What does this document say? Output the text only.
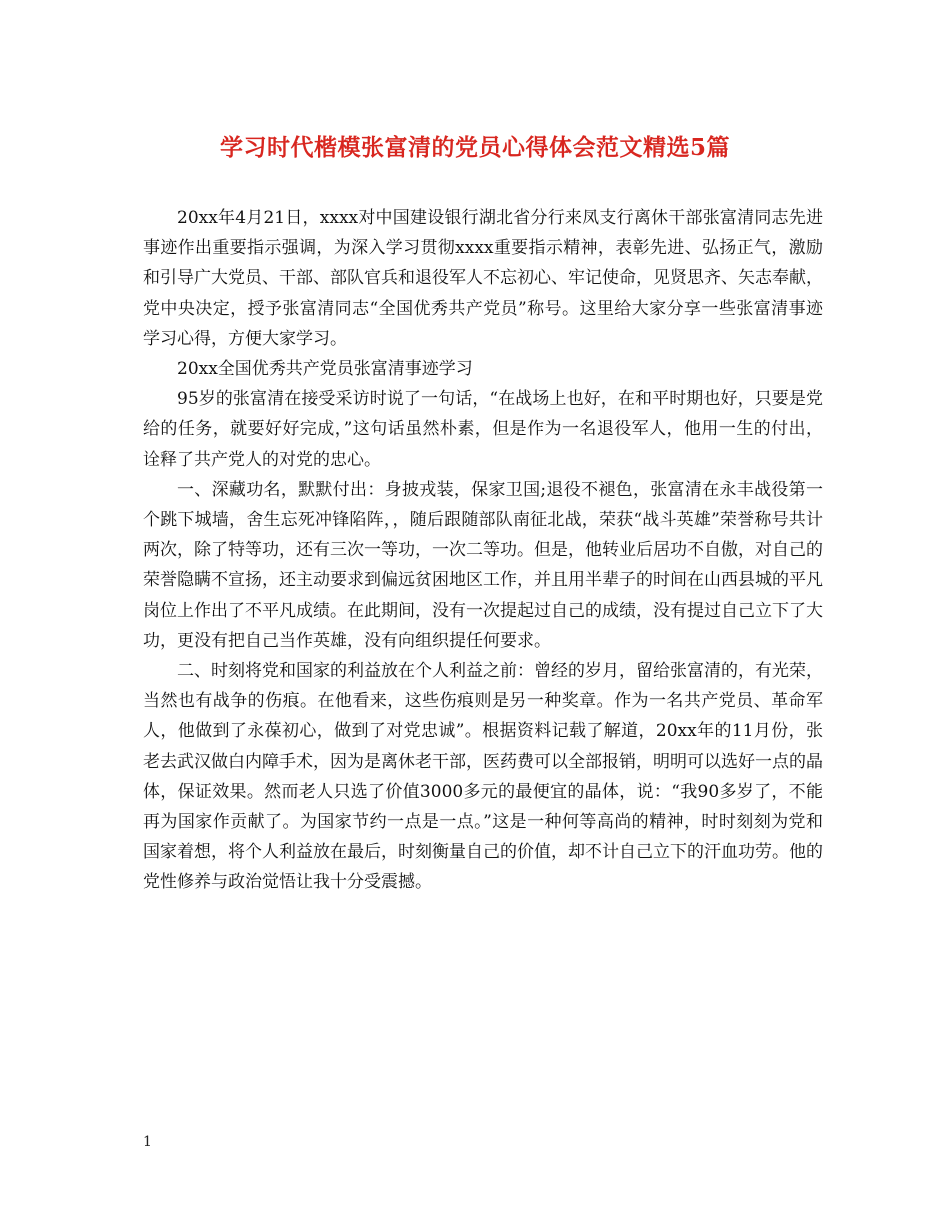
学习时代楷模张富清的党员心得体会范文精选5篇

20xx年4月21日，xxxx对中国建设银行湖北省分行来凤支行离休干部张富清同志先进事迹作出重要指示强调，为深入学习贯彻xxxx重要指示精神，表彰先进、弘扬正气，激励和引导广大党员、干部、部队官兵和退役军人不忘初心、牢记使命，见贤思齐、矢志奉献，党中央决定，授予张富清同志“全国优秀共产党员”称号。这里给大家分享一些张富清事迹学习心得，方便大家学习。

20xx全国优秀共产党员张富清事迹学习

95岁的张富清在接受采访时说了一句话，“在战场上也好，在和平时期也好，只要是党给的任务，就要好好完成，”这句话虽然朴素，但是作为一名退役军人，他用一生的付出，诠释了共产党人的对党的忠心。

一、深藏功名，默默付出：身披戎装，保家卫国;退役不褪色，张富清在永丰战役第一个跳下城墙，舍生忘死冲锋陷阵，，随后跟随部队南征北战，荣获“战斗英雄”荣誉称号共计两次，除了特等功，还有三次一等功，一次二等功。但是，他转业后居功不自傲，对自己的荣誉隐瞒不宣扬，还主动要求到偏远贫困地区工作，并且用半辈子的时间在山西县城的平凡岗位上作出了不平凡成绩。在此期间，没有一次提起过自己的成绩，没有提过自己立下了大功，更没有把自己当作英雄，没有向组织提任何要求。

二、时刻将党和国家的利益放在个人利益之前：曾经的岁月，留给张富清的，有光荣，当然也有战争的伤痕。在他看来，这些伤痕则是另一种奖章。作为一名共产党员、革命军人，他做到了永葆初心，做到了对党忠诚”。根据资料记载了解道，20xx年的11月份，张老去武汉做白内障手术，因为是离休老干部，医药费可以全部报销，明明可以选好一点的晶体，保证效果。然而老人只选了价值3000多元的最便宜的晶体，说：“我90多岁了，不能再为国家作贡献了。为国家节约一点是一点。”这是一种何等高尚的精神，时时刻刻为党和国家着想，将个人利益放在最后，时刻衡量自己的价值，却不计自己立下的汗血功劳。他的党性修养与政治觉悟让我十分受震撼。

1
